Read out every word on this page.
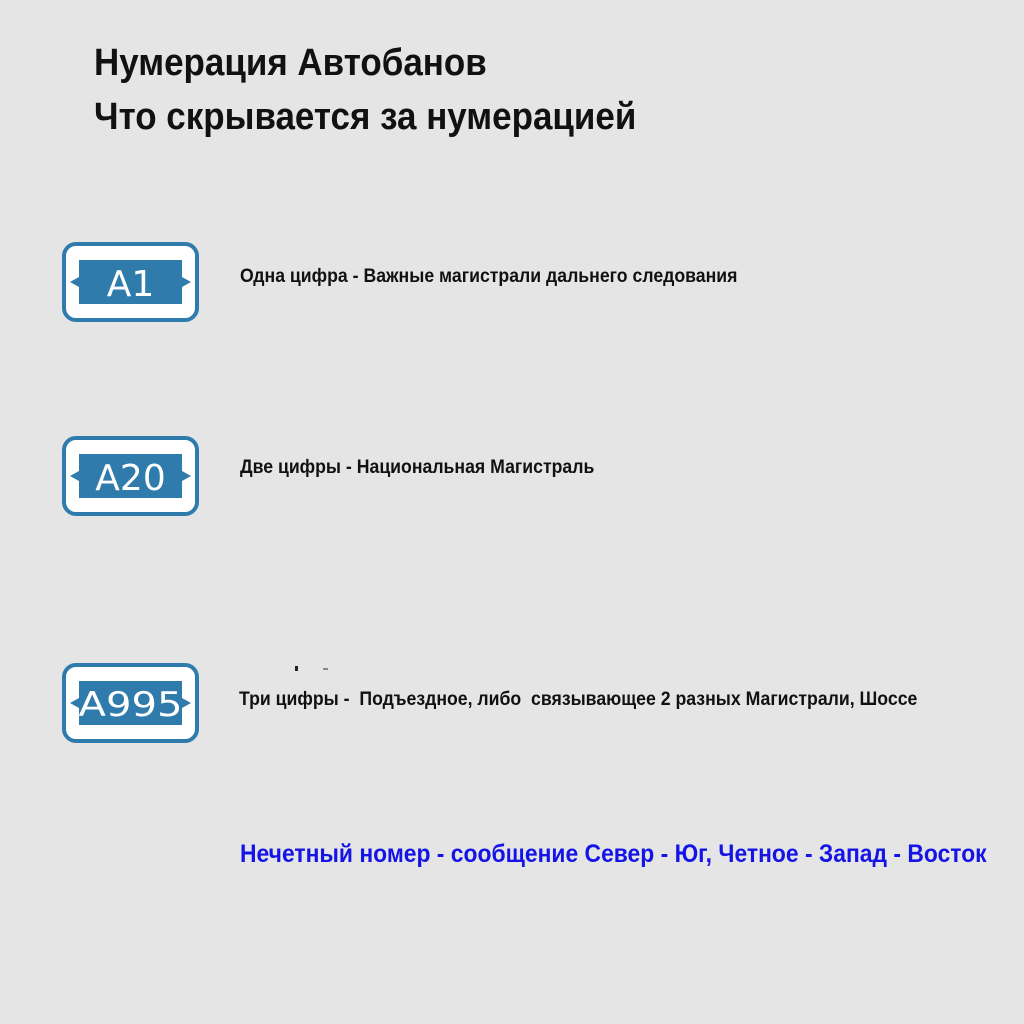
Нумерация Автобанов
Что скрывается за нумерацией
A1	Одна цифра - Важные магистрали дальнего следования
A20	Две цифры - Национальная Магистраль
A995	Три цифры -  Подъездное, либо  связывающее 2 разных Магистрали, Шоссе
Нечетный номер - сообщение Север - Юг, Четное - Запад - Восток
